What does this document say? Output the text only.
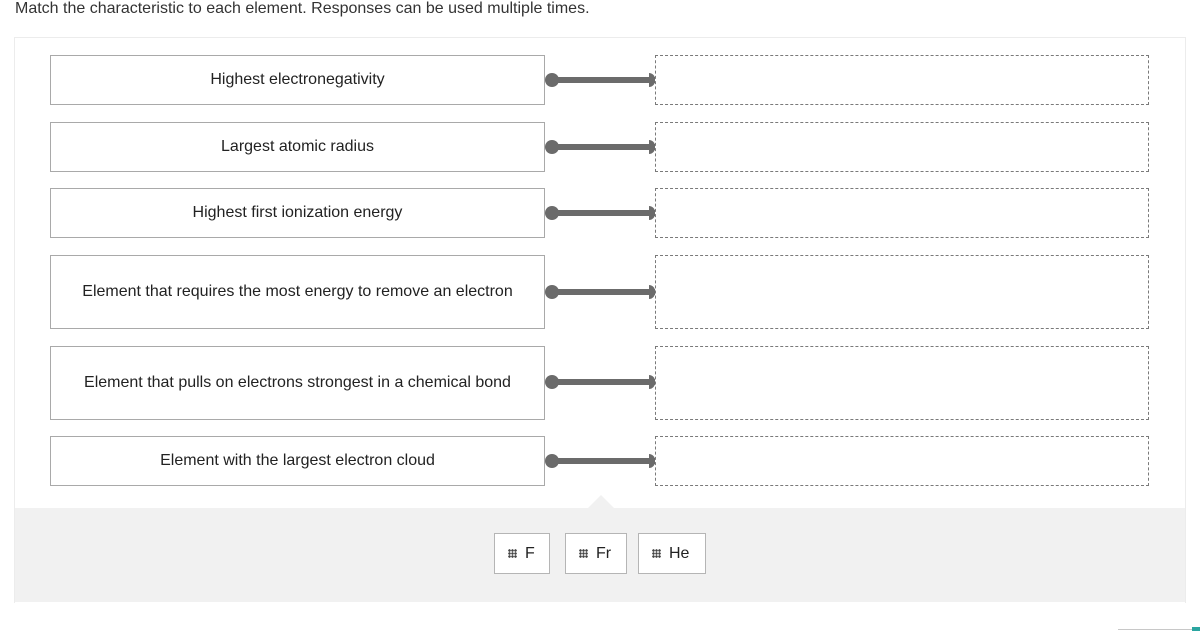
Match the characteristic to each element. Responses can be used multiple times.
Highest electronegativity
Largest atomic radius
Highest first ionization energy
Element that requires the most energy to remove an electron
Element that pulls on electrons strongest in a chemical bond
Element with the largest electron cloud
F	Fr	He
